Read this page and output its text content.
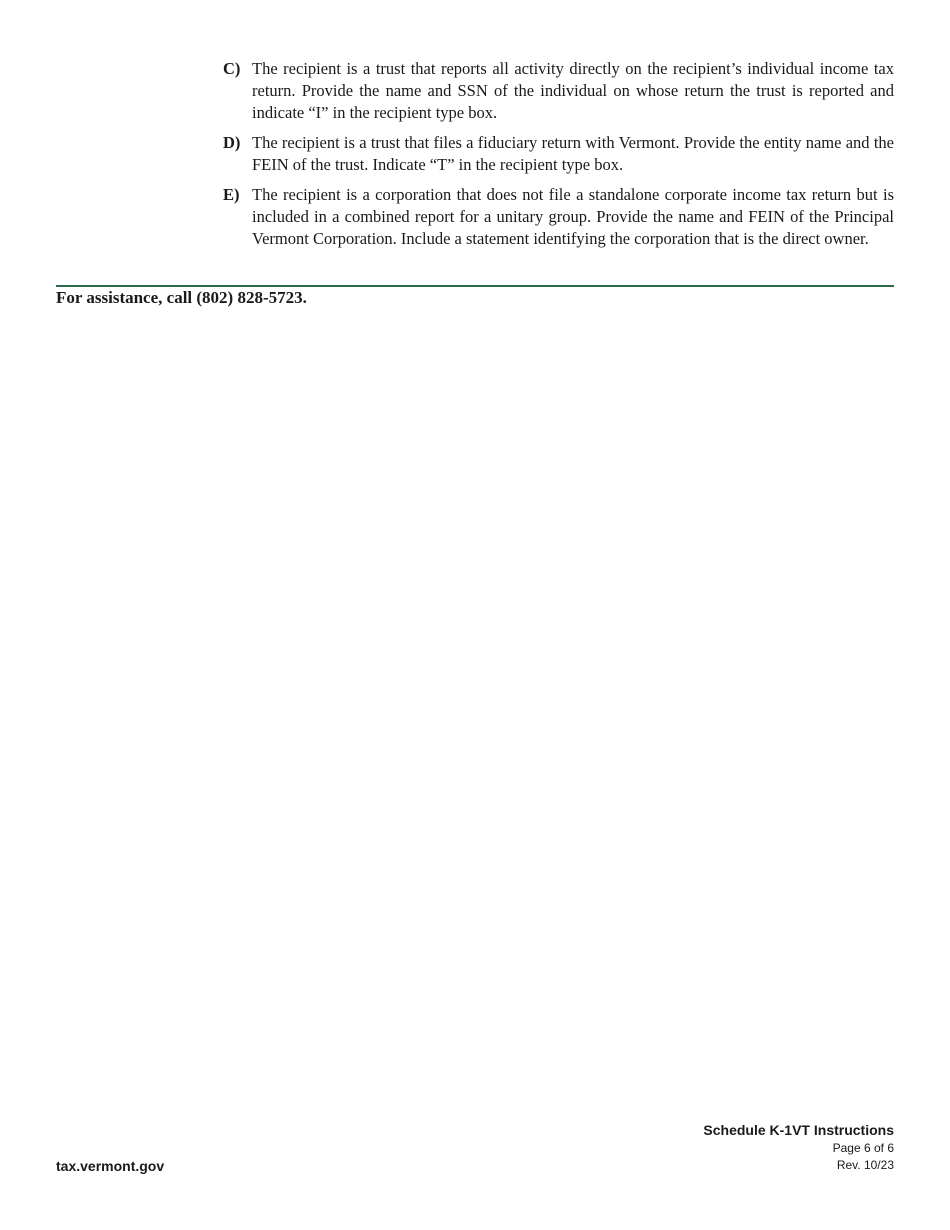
C) The recipient is a trust that reports all activity directly on the recipient’s individual income tax return. Provide the name and SSN of the individual on whose return the trust is reported and indicate “I” in the recipient type box.
D) The recipient is a trust that files a fiduciary return with Vermont. Provide the entity name and the FEIN of the trust. Indicate “T” in the recipient type box.
E) The recipient is a corporation that does not file a standalone corporate income tax return but is included in a combined report for a unitary group. Provide the name and FEIN of the Principal Vermont Corporation. Include a statement identifying the corporation that is the direct owner.
For assistance, call (802) 828-5723.
Schedule K-1VT Instructions
Page 6 of 6
Rev. 10/23
tax.vermont.gov
